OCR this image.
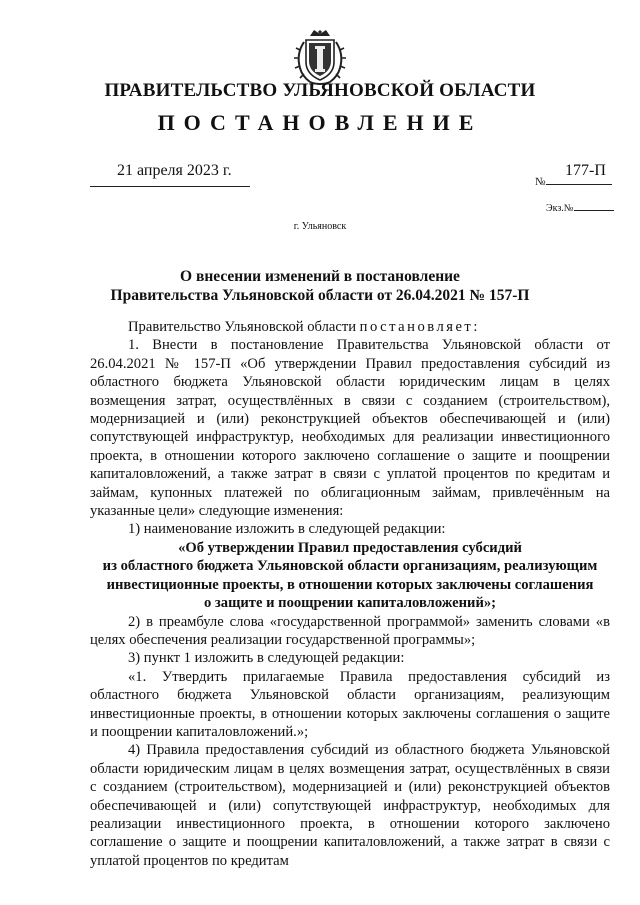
ПРАВИТЕЛЬСТВО УЛЬЯНОВСКОЙ ОБЛАСТИ
ПОСТАНОВЛЕНИЕ
21 апреля 2023 г.	177-П
№
Экз.№
г. Ульяновск
О внесении изменений в постановление
Правительства Ульяновской области от 26.04.2021 № 157-П
Правительство Ульяновской области постановляет:
1. Внести в постановление Правительства Ульяновской области от 26.04.2021 № 157-П «Об утверждении Правил предоставления субсидий из областного бюджета Ульяновской области юридическим лицам в целях возмещения затрат, осуществлённых в связи с созданием (строительством), модернизацией и (или) реконструкцией объектов обеспечивающей и (или) сопутствующей инфраструктур, необходимых для реализации инвестиционного проекта, в отношении которого заключено соглашение о защите и поощрении капиталовложений, а также затрат в связи с уплатой процентов по кредитам и займам, купонных платежей по облигационным займам, привлечённым на указанные цели» следующие изменения:
1) наименование изложить в следующей редакции:
«Об утверждении Правил предоставления субсидий
из областного бюджета Ульяновской области организациям, реализующим
инвестиционные проекты, в отношении которых заключены соглашения
о защите и поощрении капиталовложений»;
2) в преамбуле слова «государственной программой» заменить словами «в целях обеспечения реализации государственной программы»;
3) пункт 1 изложить в следующей редакции:
«1. Утвердить прилагаемые Правила предоставления субсидий из областного бюджета Ульяновской области организациям, реализующим инвестиционные проекты, в отношении которых заключены соглашения о защите и поощрении капиталовложений.»;
4) Правила предоставления субсидий из областного бюджета Ульяновской области юридическим лицам в целях возмещения затрат, осуществлённых в связи с созданием (строительством), модернизацией и (или) реконструкцией объектов обеспечивающей и (или) сопутствующей инфраструктур, необходимых для реализации инвестиционного проекта, в отношении которого заключено соглашение о защите и поощрении капиталовложений, а также затрат в связи с уплатой процентов по кредитам
